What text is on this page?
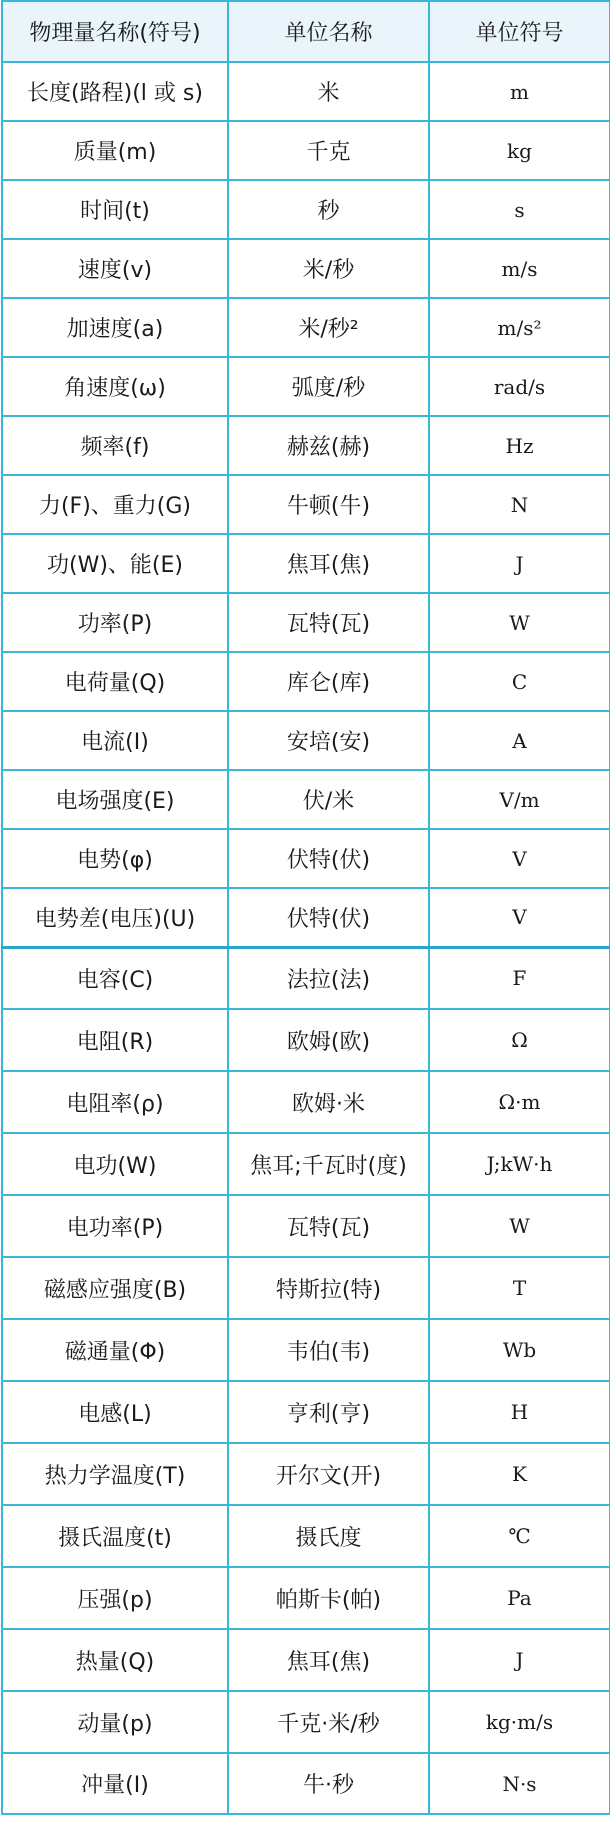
物理量名称(符号)	单位名称	单位符号
长度(路程)(l 或 s)	米	m
质量(m)	千克	kg
时间(t)	秒	s
速度(v)	米/秒	m/s
加速度(a)	米/秒²	m/s²
角速度(ω)	弧度/秒	rad/s
频率(f)	赫兹(赫)	Hz
力(F)、重力(G)	牛顿(牛)	N
功(W)、能(E)	焦耳(焦)	J
功率(P)	瓦特(瓦)	W
电荷量(Q)	库仑(库)	C
电流(I)	安培(安)	A
电场强度(E)	伏/米	V/m
电势(φ)	伏特(伏)	V
电势差(电压)(U)	伏特(伏)	V
电容(C)	法拉(法)	F
电阻(R)	欧姆(欧)	Ω
电阻率(ρ)	欧姆·米	Ω·m
电功(W)	焦耳;千瓦时(度)	J;kW·h
电功率(P)	瓦特(瓦)	W
磁感应强度(B)	特斯拉(特)	T
磁通量(Φ)	韦伯(韦)	Wb
电感(L)	亨利(亨)	H
热力学温度(T)	开尔文(开)	K
摄氏温度(t)	摄氏度	℃
压强(p)	帕斯卡(帕)	Pa
热量(Q)	焦耳(焦)	J
动量(p)	千克·米/秒	kg·m/s
冲量(I)	牛·秒	N·s
